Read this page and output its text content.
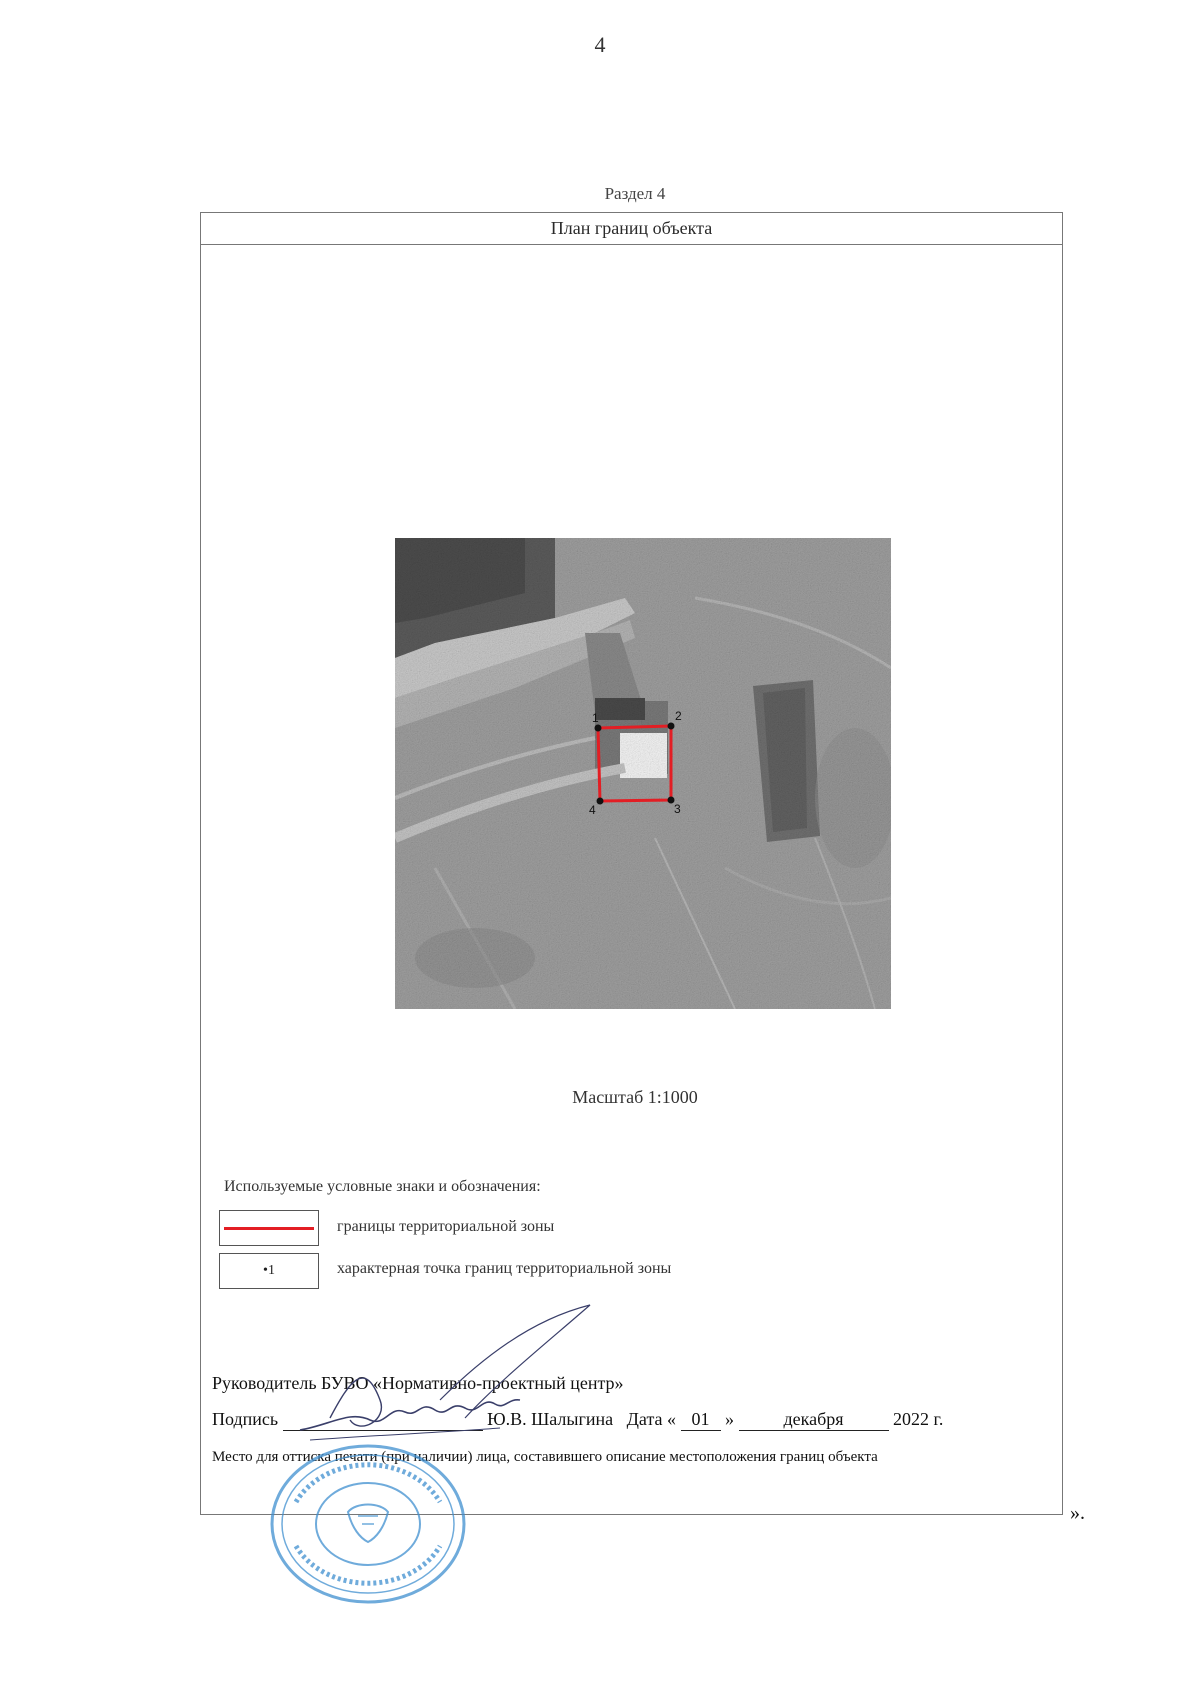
4
Раздел 4
План границ объекта
1	2
3
4
Масштаб 1:1000
Используемые условные знаки и обозначения:
границы территориальной зоны
•1	характерная точка границ территориальной зоны
Руководитель БУВО «Нормативно-проектный центр»
Подпись	Ю.В. Шалыгина Дата « 01 »	декабря	2022 г.
Место для оттиска печати (при наличии) лица, составившего описание местоположения границ объекта
».
